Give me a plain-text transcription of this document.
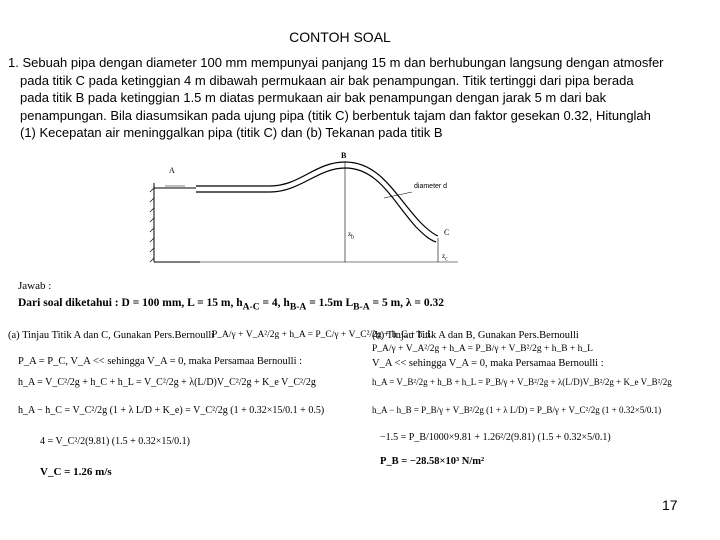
CONTOH SOAL
1. Sebuah pipa dengan diameter 100 mm mempunyai panjang 15 m dan berhubungan langsung dengan atmosfer
pada titik C pada ketinggian 4 m dibawah permukaan air bak penampungan. Titik tertinggi dari pipa berada
pada titik B pada ketinggian 1.5 m diatas permukaan air bak penampungan dengan jarak 5 m dari bak
penampungan. Bila diasumsikan pada ujung pipa (titik C) berbentuk tajam dan faktor gesekan 0.32, Hitunglah
(1) Kecepatan air meninggalkan pipa (titik C) dan (b) Tekanan pada titik B
A
B
C
diameter d
$z_b$
$z_c$
Jawab :
Dari soal diketahui : D = 100 mm, L = 15 m, $h_{A-C} = 4$, $h_{B-A} = 1.5m$ $L_{B-A} = 5$ m, λ = 0.32
(a) Tinjau Titik A dan C, Gunakan Pers.Bernoulli
P_A/γ + V_A²/2g + h_A = P_C/γ + V_C²/2g + h_C + h_L
P_A = P_C, V_A << sehingga V_A = 0, maka Persamaa Bernoulli :
h_A = V_C²/2g + h_C + h_L = V_C²/2g + λ(L/D)V_C²/2g + K_e V_C²/2g
h_A − h_C = V_C²/2g (1 + λ L/D + K_e) = V_C²/2g (1 + 0.32×15/0.1 + 0.5)
4 = V_C²/2(9.81) (1.5 + 0.32×15/0.1)
V_C = 1.26 m/s
(b) Tinjau Titik A dan B, Gunakan Pers.Bernoulli
P_A/γ + V_A²/2g + h_A = P_B/γ + V_B²/2g + h_B + h_L
V_A << sehingga V_A = 0, maka Persamaa Bernoulli :
h_A = V_B²/2g + h_B + h_L = P_B/γ + V_B²/2g + λ(L/D)V_B²/2g + K_e V_B²/2g
h_A − h_B = P_B/γ + V_B²/2g (1 + λ L/D) = P_B/γ + V_C²/2g (1 + 0.32×5/0.1)
−1.5 = P_B/1000×9.81 + 1.26²/2(9.81) (1.5 + 0.32×5/0.1)
P_B = −28.58×10³ N/m²
17
